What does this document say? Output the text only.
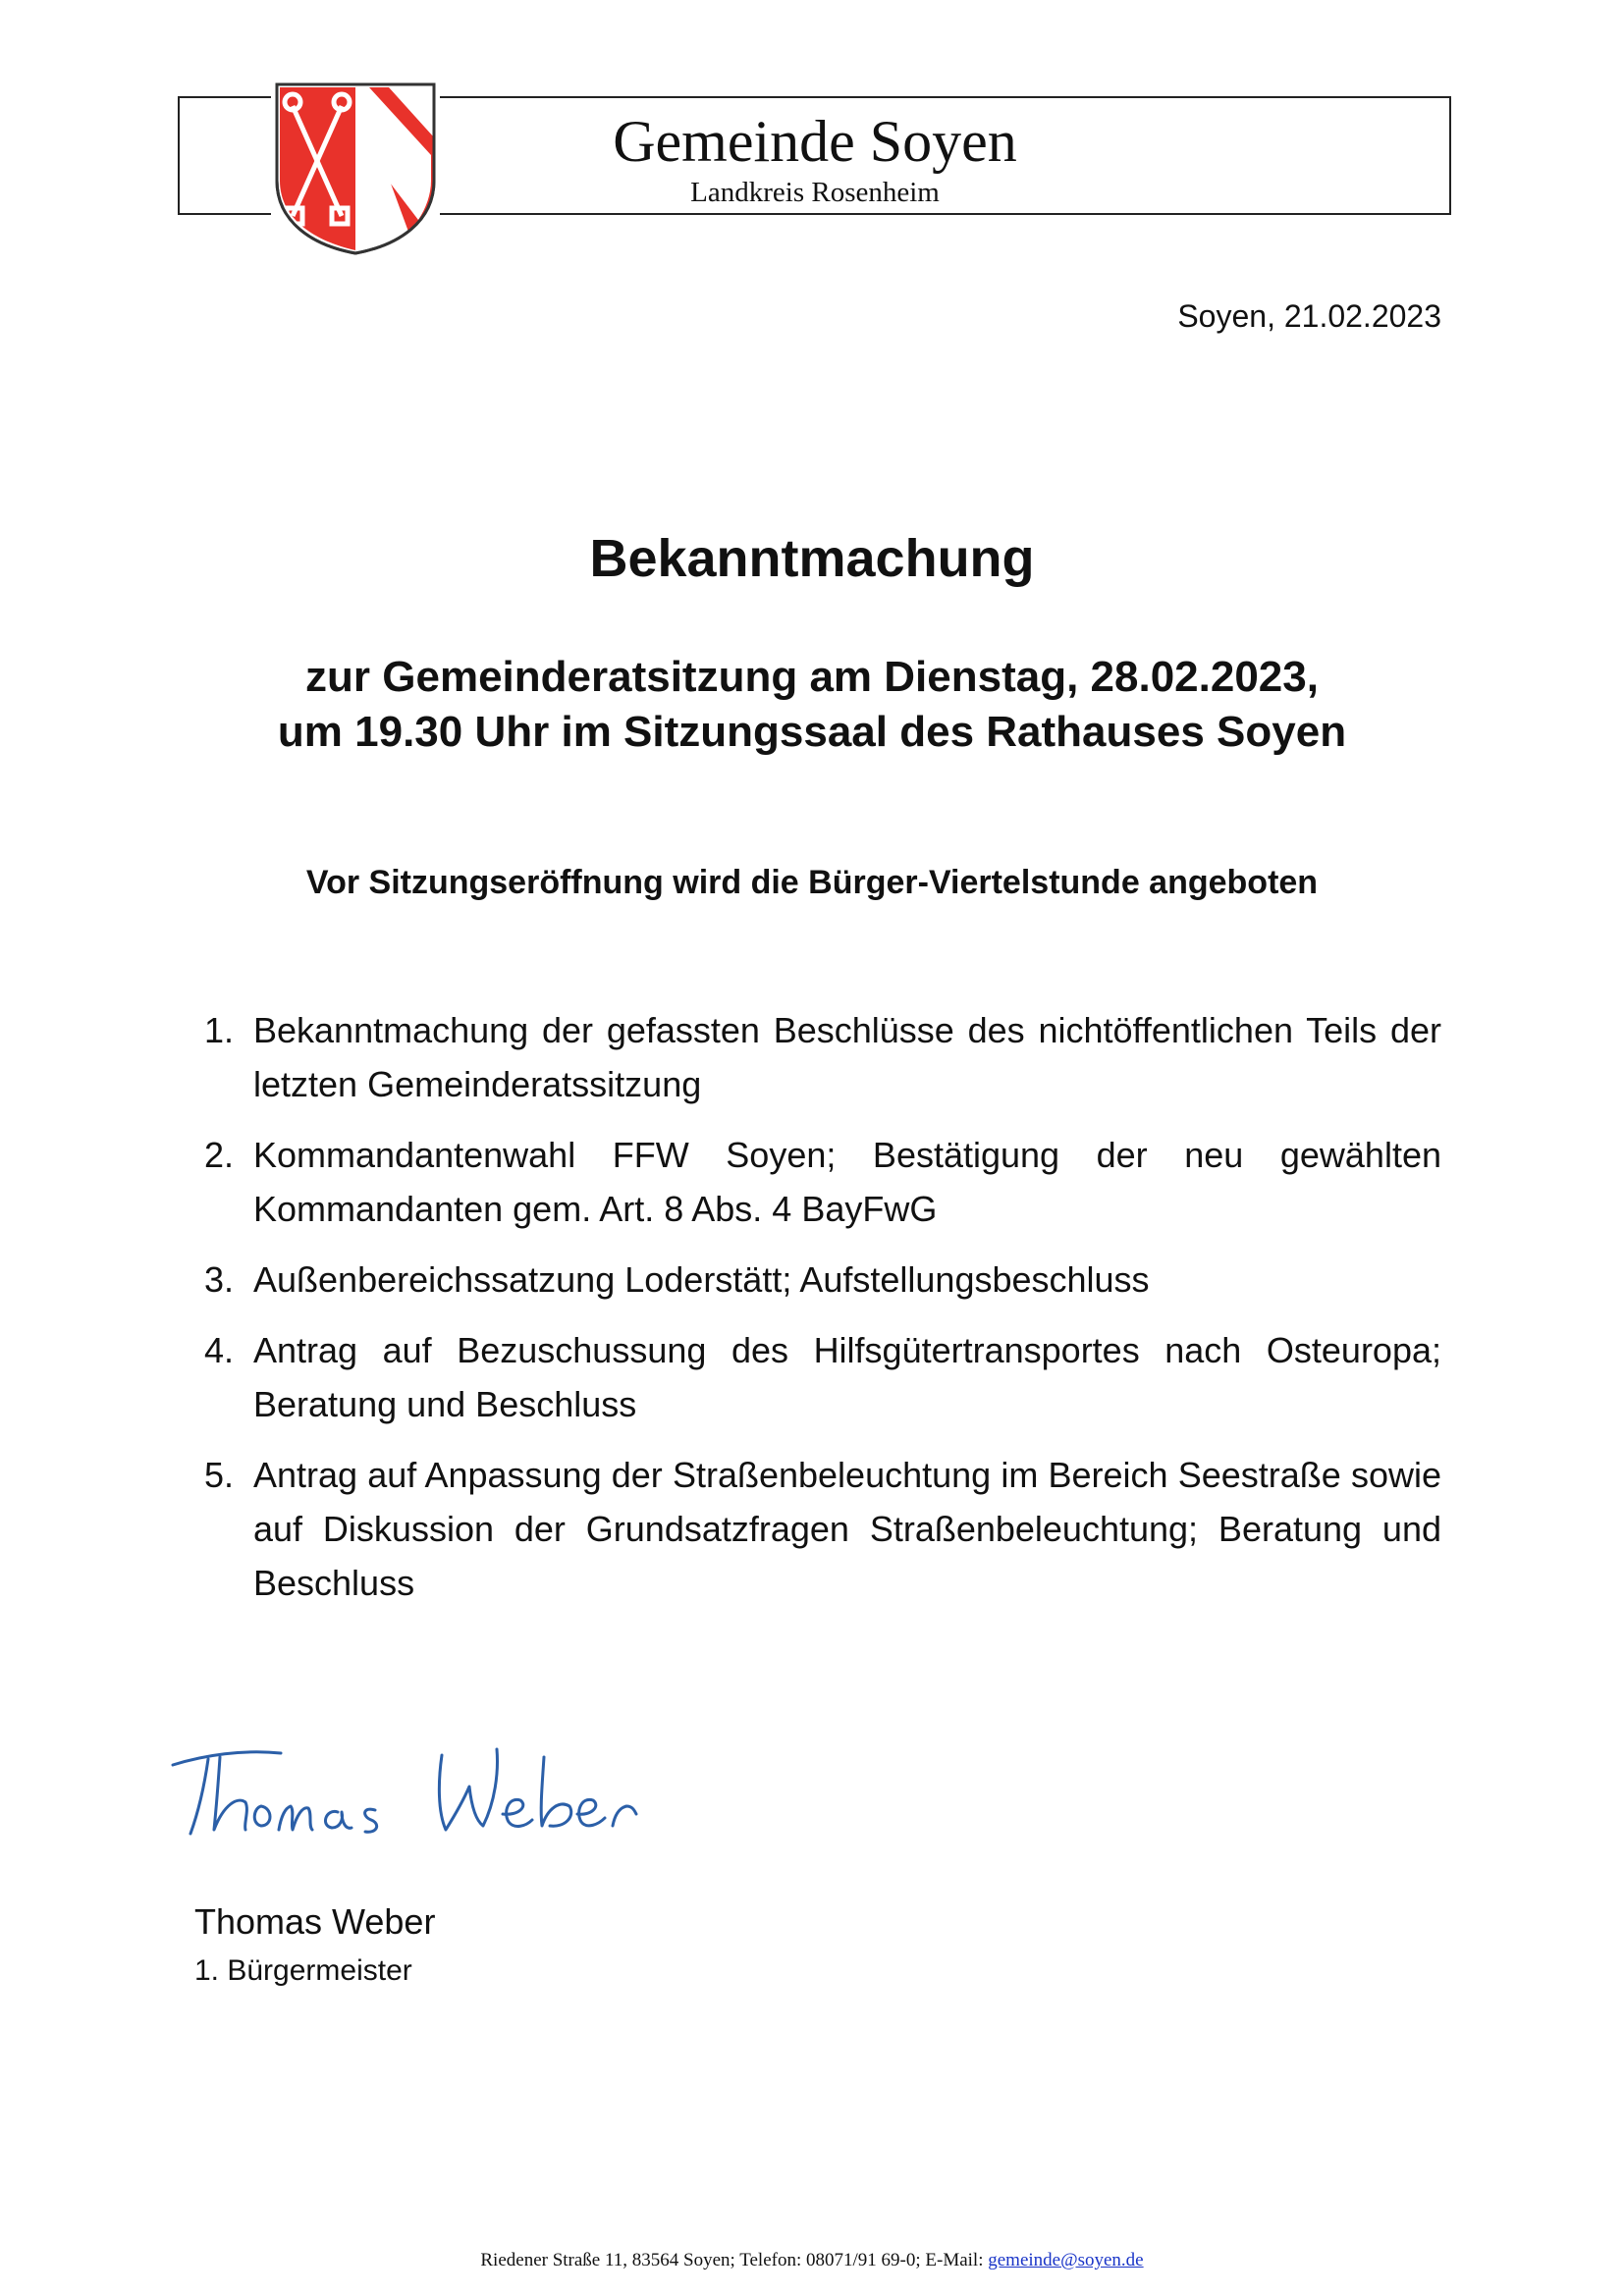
Gemeinde Soyen
Landkreis Rosenheim
Soyen, 21.02.2023
Bekanntmachung
zur Gemeinderatsitzung am Dienstag, 28.02.2023,
um 19.30 Uhr im Sitzungssaal des Rathauses Soyen
Vor Sitzungseröffnung wird die Bürger-Viertelstunde angeboten
1. Bekanntmachung der gefassten Beschlüsse des nichtöffentlichen Teils der letzten Gemeinderatssitzung
2. Kommandantenwahl FFW Soyen; Bestätigung der neu gewählten Kommandanten gem. Art. 8 Abs. 4 BayFwG
3. Außenbereichssatzung Loderstätt; Aufstellungsbeschluss
4. Antrag auf Bezuschussung des Hilfsgütertransportes nach Osteuropa; Beratung und Beschluss
5. Antrag auf Anpassung der Straßenbeleuchtung im Bereich Seestraße sowie auf Diskussion der Grundsatzfragen Straßenbeleuchtung; Beratung und Beschluss
Thomas Weber
1. Bürgermeister
Riedener Straße 11, 83564 Soyen; Telefon: 08071/91 69-0; E-Mail: gemeinde@soyen.de
